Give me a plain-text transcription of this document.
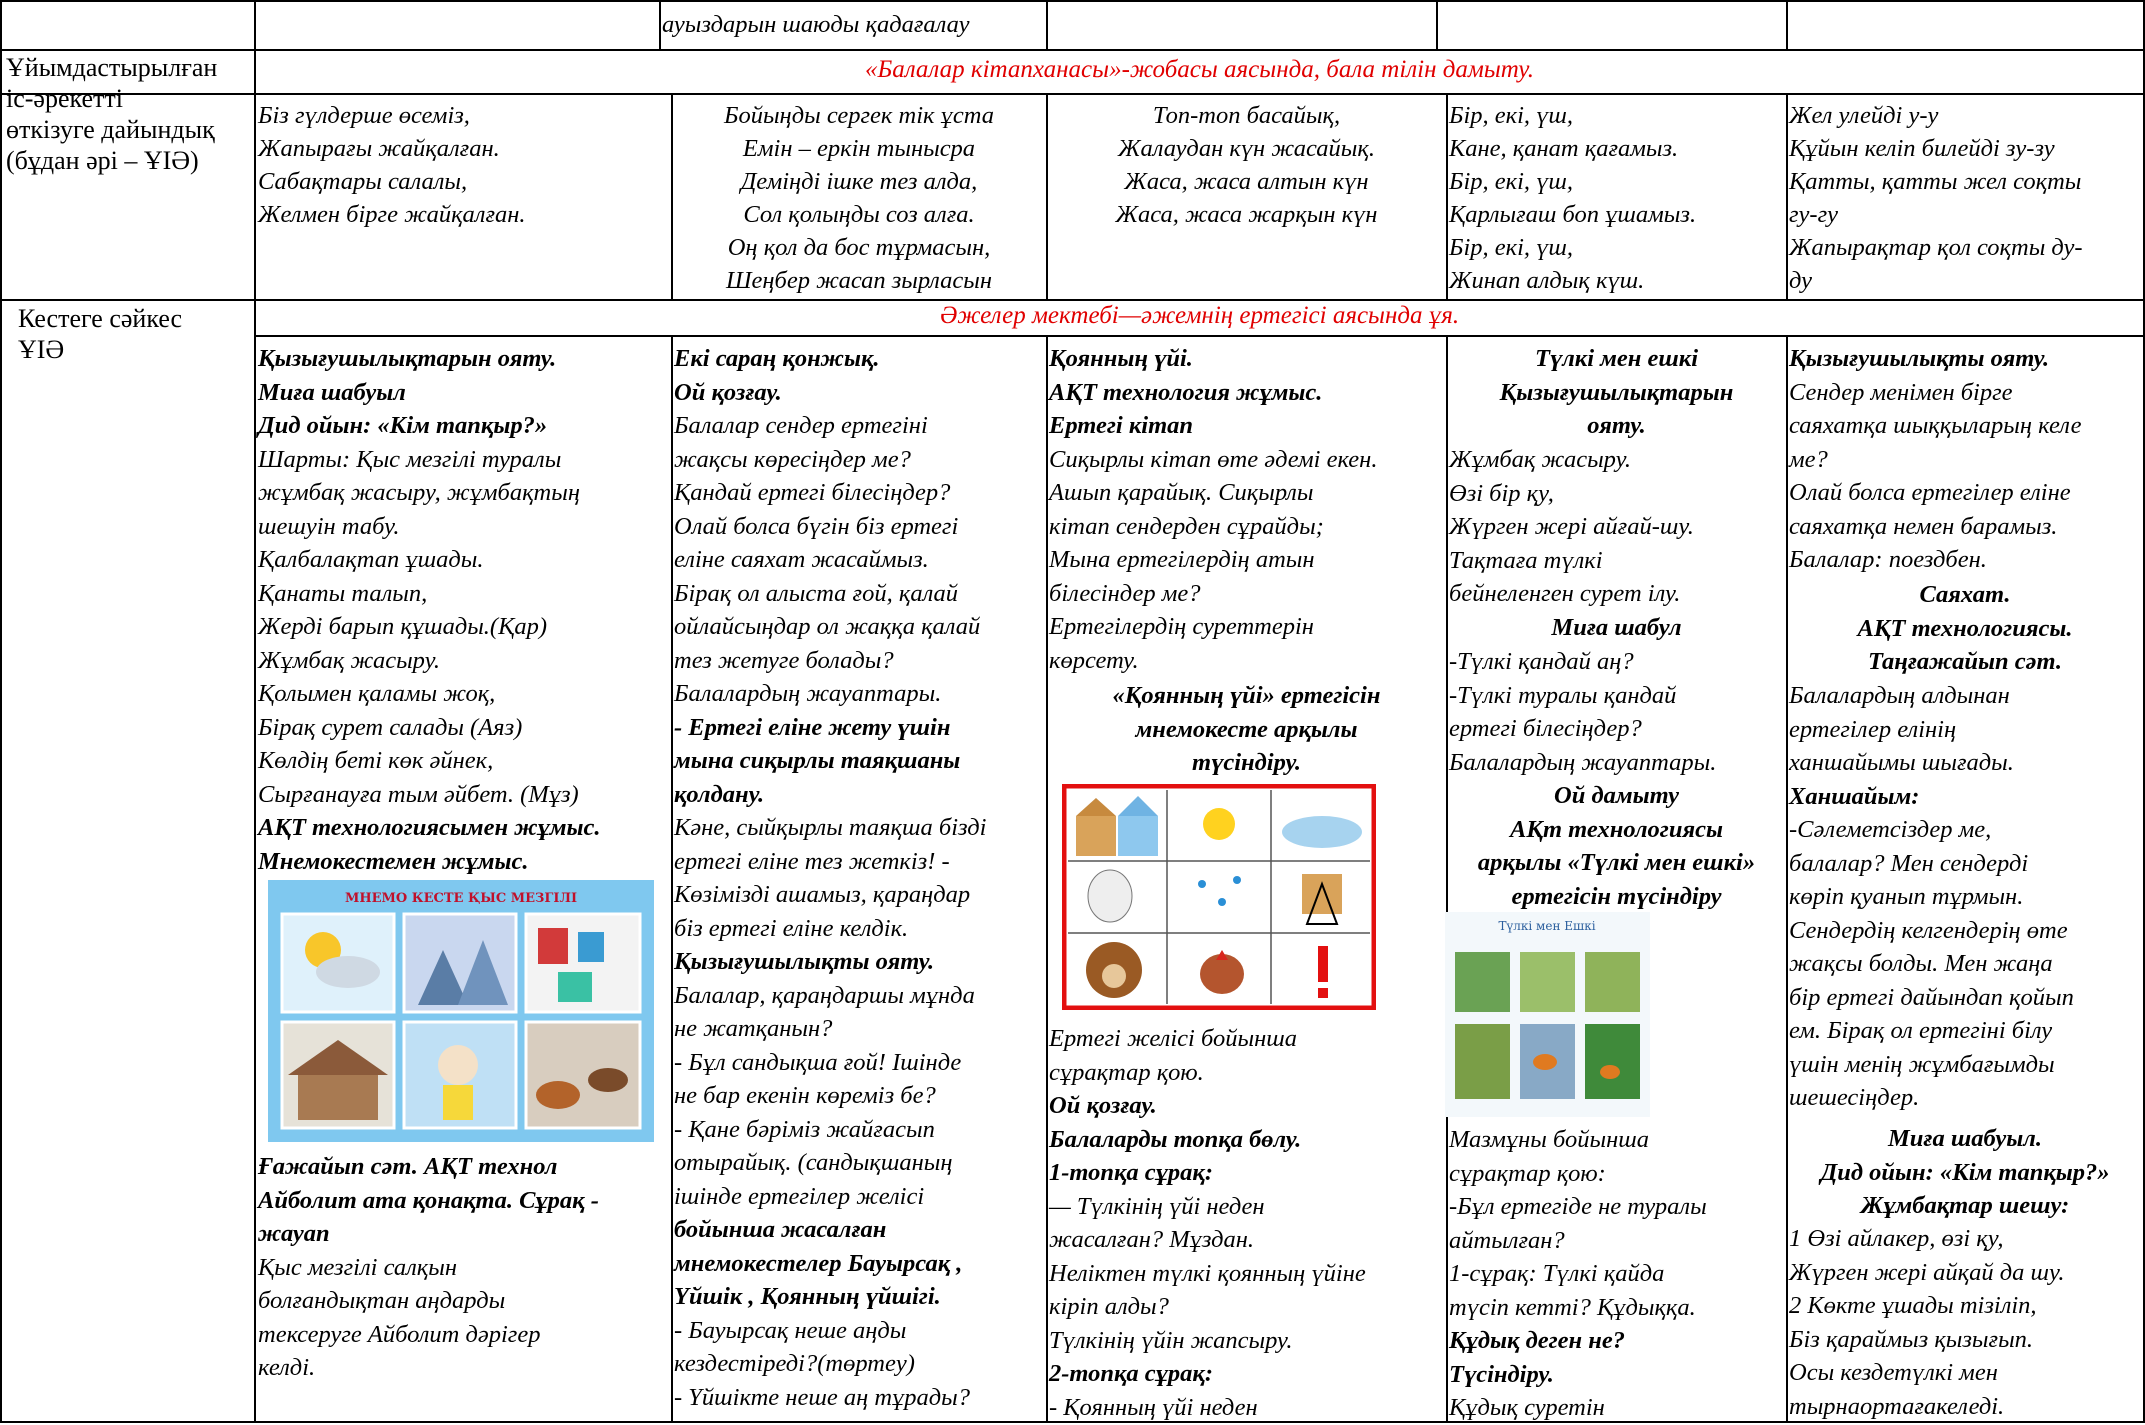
ауыздарын шаюды қадағалау

Ұйымдастырылған
іс-әрекетті
өткізуге дайындық
(бұдан әрі – ҰІӘ)
Кестеге сәйкес
ҰІӘ
«Балалар кітапханасы»-жобасы аясында, бала тілін дамыту.
Әжелер мектебі—әжемнің ертегісі аясында ұя.

Біз гүлдерше өсеміз,

Жапырағы жайқалған.

Сабақтары салалы,

Желмен бірге жайқалған.

Бойыңды сергек тік ұста

Емін – еркін тынысра

Деміңді ішке тез алда,

Сол қолыңды соз алға.

Оң қол да бос тұрмасын,

Шеңбер жасап зырласын

Топ-топ басайық,

Жалаудан күн жасайық.

Жаса, жаса алтын күн

Жаса, жаса жарқын күн

Бір, екі, үш,

Кане, қанат қағамыз.

Бір, екі, үш,

Қарлығаш боп ұшамыз.

Бір, екі, үш,

Жинап алдық күш.

Жел улейді у-у

Құйын келіп билейді зу-зу

Қатты, қатты жел соқты

гу-гу

Жапырақтар қол соқты ду-

ду

Қызығушылықтарын ояту.

Миға шабуыл

Дид ойын: «Кім тапқыр?»

Шарты: Қыс мезгілі туралы

жұмбақ жасыру, жұмбақтың

шешуін табу.

Қалбалақтап ұшады.

Қанаты талып,

Жерді барып құшады.(Қар)

Жұмбақ жасыру.

Қолымен қаламы жоқ,

Бірақ сурет салады (Аяз)

Көлдің беті көк әйнек,

Сырғанауға тым әйбет. (Мұз)

АҚТ технологиясымен жұмыс.

Мнемокестемен жұмыс.

МНЕМО КЕСТЕ ҚЫС МЕЗГІЛІ

Ғажайып сәт. АҚТ технол

Айболит ата қонақта. Сұрақ -

жауап

Қыс мезгілі салқын

болғандықтан аңдарды

тексеруге Айболит дәрігер

келді.

Екі сараң қонжық.

Ой қозғау.

Балалар сендер ертегіні

жақсы көресіңдер ме?

Қандай ертегі білесіңдер?

Олай болса бүгін біз ертегі

еліне саяхат жасаймыз.

Бірақ ол алыста ғой, қалай

ойлайсыңдар ол жаққа қалай

тез жетуге болады?

Балалардың жауаптары.

- Ертегі еліне жету үшін

мына сиқырлы таяқшаны

қолдану.

Кәне, сыйқырлы таяқша бізді

ертегі еліне тез жеткіз! -

Көзімізді ашамыз, қараңдар

біз ертегі еліне келдік.

Қызығушылықты ояту.

Балалар, қараңдаршы мұнда

не жатқанын?

- Бұл сандықша ғой! Ішінде

не бар екенін көреміз бе?

- Қане бәріміз жайғасып

отырайық. (сандықшаның

ішінде ертегілер желісі

бойынша жасалған

мнемокестелер Бауырсақ ,

Үйшік , Қоянның үйшігі.

- Бауырсақ неше аңды

кездестіреді?(төртеу)

- Үйшікте неше аң тұрады?

Қоянның үйі.

АҚТ технология жұмыс.

Ертегі кітап

Сиқырлы кітап өте әдемі екен.

Ашып қарайық. Сиқырлы

кітап сендерден сұрайды;

Мына ертегілердің атын

білесіндер ме?

Ертегілердің суреттерін

көрсету.

«Қоянның үйі» ертегісін

мнемокесте арқылы

түсіндіру.

Ертегі желісі бойынша

сұрақтар қою.

Ой қозғау.

Балаларды топқа бөлу.

1-топқа сұрақ:

— Түлкінің үйі неден

жасалған? Мұздан.

Неліктен түлкі қоянның үйіне

кіріп алды?

Түлкінің үйін жапсыру.

2-топқа сұрақ:

- Қоянның үйі неден

Түлкі мен ешкі

Қызығушылықтарын

ояту.

Жұмбақ жасыру.

Өзі бір қу,

Жүрген жері айғай-шу.

Тақтаға түлкі

бейнеленген сурет ілу.

Миға шабул

-Түлкі қандай аң?

-Түлкі туралы қандай

ертегі білесіңдер?

Балалардың жауаптары.

Ой дамыту

АҚт технологиясы

арқылы «Түлкі мен ешкі»

ертегісін түсіндіру

Түлкі мен Ешкі

Мазмұны бойынша

сұрақтар қою:

-Бұл ертегіде не туралы

айтылған?

1-сұрақ: Түлкі қайда

түсіп кетті? Құдыққа.

Құдық деген не?

Түсіндіру.

Құдық суретін

Қызығушылықты ояту.

Сендер менімен бірге

саяхатқа шыққыларың келе

ме?

Олай болса ертегілер еліне

саяхатқа немен барамыз.

Балалар: поездбен.

Саяхат.

АҚТ технологиясы.

Таңғажайып сәт.

Балалардың алдынан

ертегілер елінің

ханшайымы шығады.

Ханшайым:

-Сәлеметсіздер ме,

балалар? Мен сендерді

көріп қуанып тұрмын.

Сендердің келгендерің өте

жақсы болды. Мен жаңа

бір ертегі дайындап қойып

ем. Бірақ ол ертегіні білу

үшін менің жұмбағымды

шешесіңдер.

Миға шабуыл.

Дид ойын: «Кім тапқыр?»

Жұмбақтар шешу:

1 Өзі айлакер, өзі қу,

Жүрген жері айқай да шу.

2 Көкте ұшады тізіліп,

Біз қараймыз қызығып.

Осы кездетүлкі мен

тырнаортағакеледі.
